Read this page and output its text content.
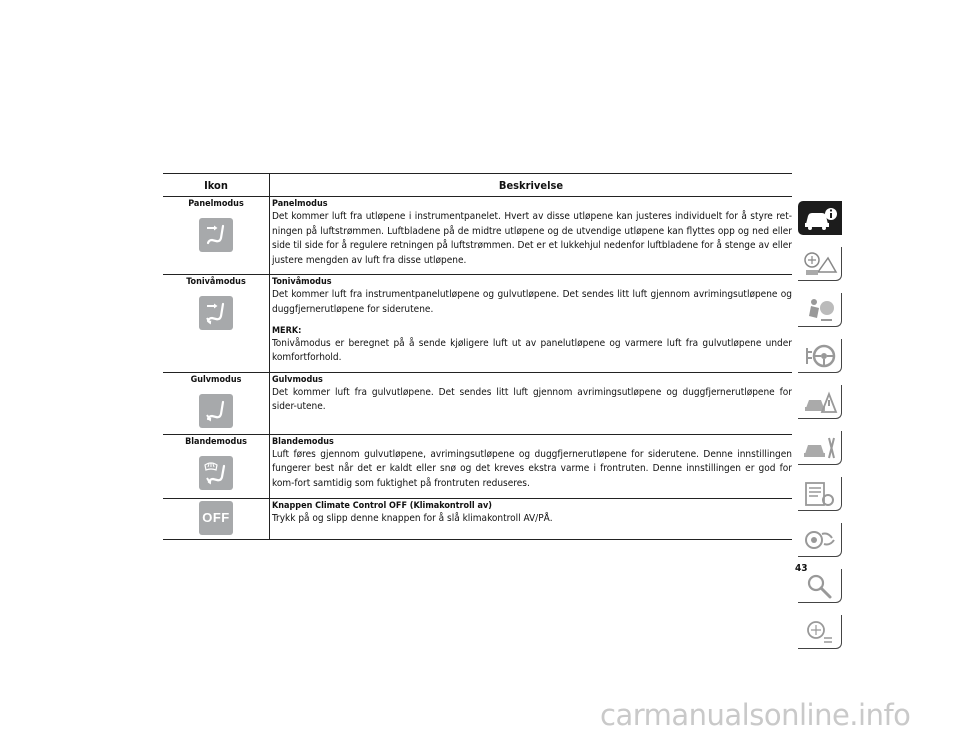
Ikon	Beskrivelse

Panelmodus	Panelmodus

Det kommer luft fra utløpene i instrumentpanelet. Hvert av disse utløpene kan justeres individuelt for å styre ret-ningen på luftstrømmen. Luftbladene på de midtre utløpene og de utvendige utløpene kan flyttes opp og ned eller side til side for å regulere retningen på luftstrømmen. Det er et lukkehjul nedenfor luftbladene for å stenge av eller justere mengden av luft fra disse utløpene.

Tonivåmodus	Tonivåmodus

Det kommer luft fra instrumentpanelutløpene og gulvutløpene. Det sendes litt luft gjennom avrimingsutløpene og duggfjernerutløpene for siderutene.

MERK:

Tonivåmodus er beregnet på å sende kjøligere luft ut av panelutløpene og varmere luft fra gulvutløpene under komfortforhold.

Gulvmodus	Gulvmodus

Det kommer luft fra gulvutløpene. Det sendes litt luft gjennom avrimingsutløpene og duggfjernerutløpene for sider-utene.

Blandemodus	Blandemodus

Luft føres gjennom gulvutløpene, avrimingsutløpene og duggfjernerutløpene for siderutene. Denne innstillingen fungerer best når det er kaldt eller snø og det kreves ekstra varme i frontruten. Denne innstillingen er god for kom-fort samtidig som fuktighet på frontruten reduseres.

OFF	Knappen Climate Control OFF (Klimakontroll av)

Trykk på og slipp denne knappen for å slå klimakontroll AV/PÅ.

43
carmanualsonline.info
